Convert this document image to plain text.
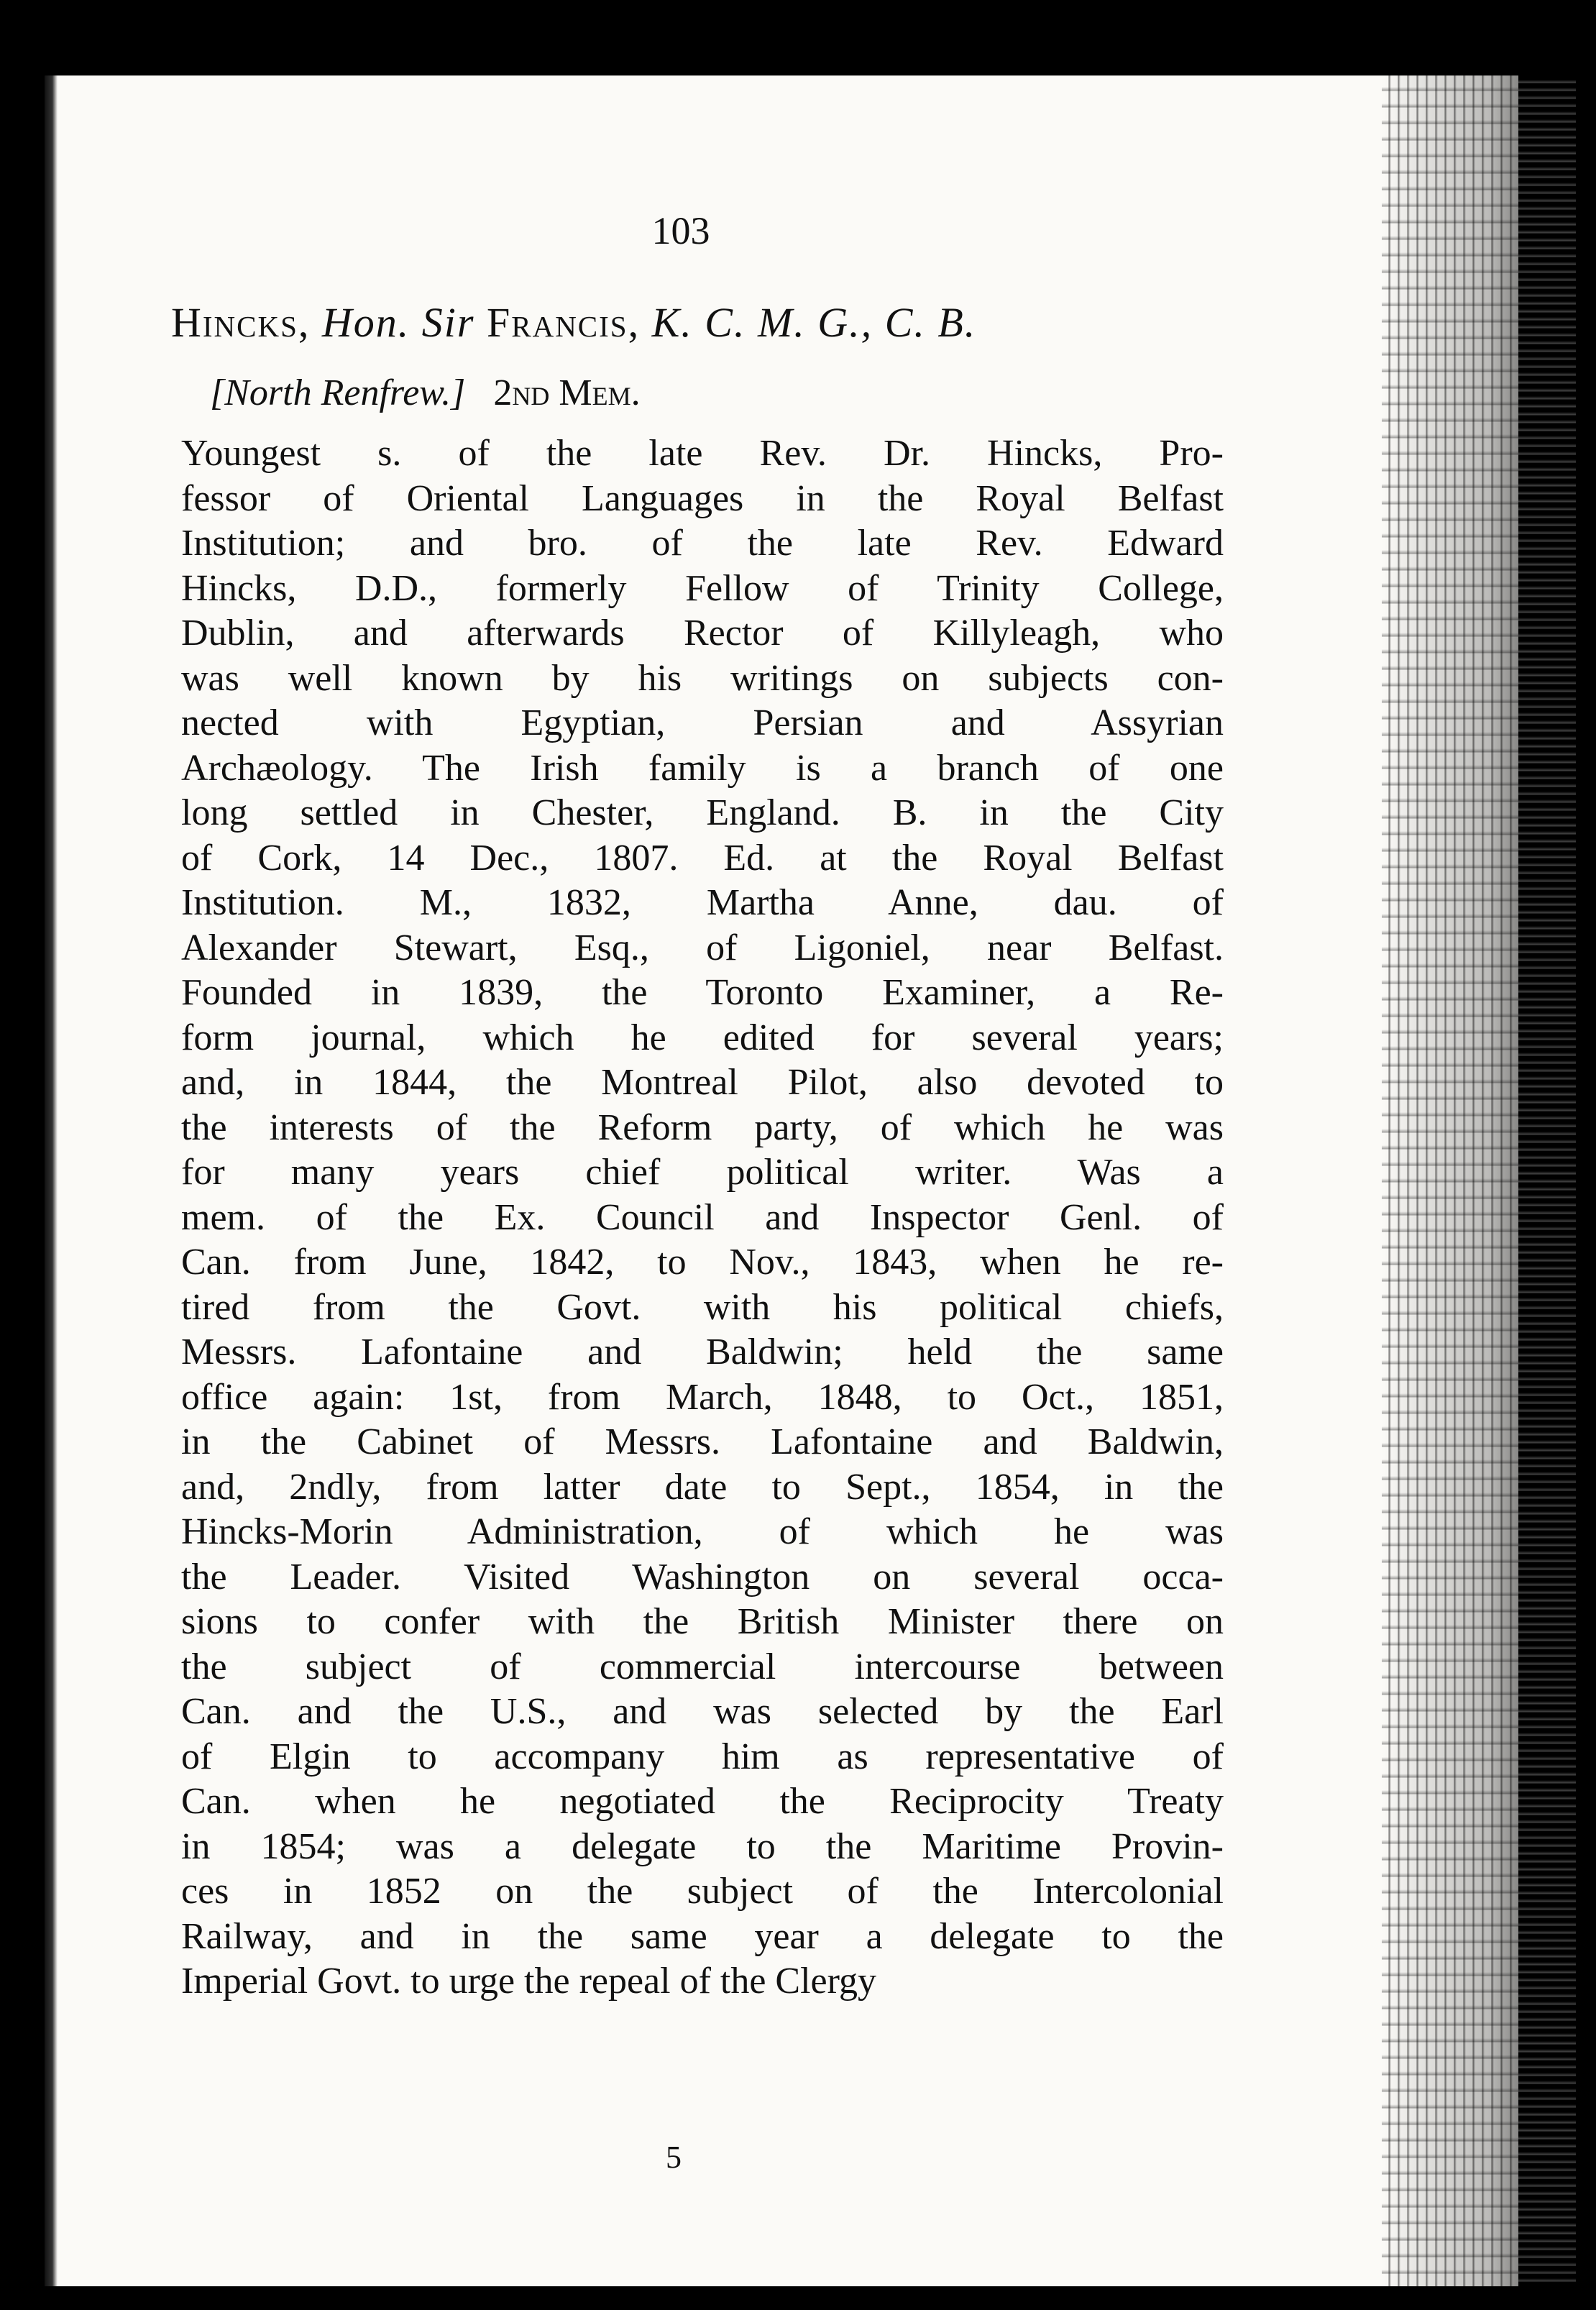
103
Hincks, Hon. Sir Francis, K. C. M. G., C. B.
[North Renfrew.] 2nd Mem.
Youngest s. of the late Rev. Dr. Hincks, Pro-
fessor of Oriental Languages in the Royal Belfast
Institution; and bro. of the late Rev. Edward
Hincks, D.D., formerly Fellow of Trinity College,
Dublin, and afterwards Rector of Killyleagh, who
was well known by his writings on subjects con-
nected with Egyptian, Persian and Assyrian
Archæology. The Irish family is a branch of one
long settled in Chester, England. B. in the City
of Cork, 14 Dec., 1807. Ed. at the Royal Belfast
Institution. M., 1832, Martha Anne, dau. of
Alexander Stewart, Esq., of Ligoniel, near Belfast.
Founded in 1839, the Toronto Examiner, a Re-
form journal, which he edited for several years;
and, in 1844, the Montreal Pilot, also devoted to
the interests of the Reform party, of which he was
for many years chief political writer. Was a
mem. of the Ex. Council and Inspector Genl. of
Can. from June, 1842, to Nov., 1843, when he re-
tired from the Govt. with his political chiefs,
Messrs. Lafontaine and Baldwin; held the same
office again: 1st, from March, 1848, to Oct., 1851,
in the Cabinet of Messrs. Lafontaine and Baldwin,
and, 2ndly, from latter date to Sept., 1854, in the
Hincks-Morin Administration, of which he was
the Leader. Visited Washington on several occa-
sions to confer with the British Minister there on
the subject of commercial intercourse between
Can. and the U.S., and was selected by the Earl
of Elgin to accompany him as representative of
Can. when he negotiated the Reciprocity Treaty
in 1854; was a delegate to the Maritime Provin-
ces in 1852 on the subject of the Intercolonial
Railway, and in the same year a delegate to the
Imperial Govt. to urge the repeal of the Clergy
5
